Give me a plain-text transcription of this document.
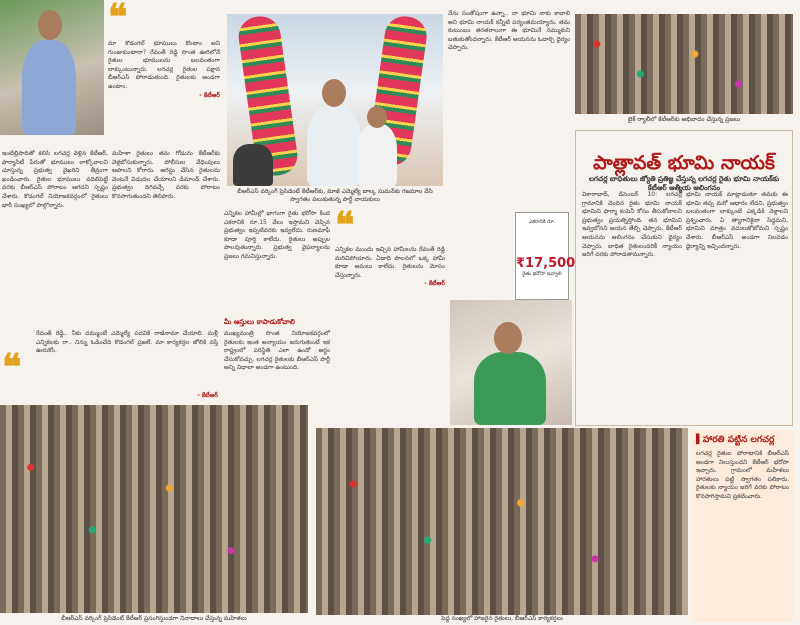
❝
మా కొడంగల్ భూములు కొంటాం అని గుంజుకుంటారా? రేవంత్ రెడ్డి సొంత ఊరిలోనే రైతుల భూములను బలవంతంగా లాక్కుంటున్నారు. లగచర్ల రైతుల పక్షాన బీఆర్ఎస్ పోరాడుతుంది. రైతులకు అండగా ఉంటాం.
- కేటీఆర్
బీఆర్ఎస్ వర్కింగ్ ప్రెసిడెంట్ కేటీఆర్‌కు, మాజీ ఎమ్మెల్యే బాల్క సుమన్‌కు గజమాల వేసి స్వాగతం పలుకుతున్న పార్టీ నాయకులు
ఇంటిల్లిపాదితో కలిసి లగచర్ల వెళ్లిన కేటీఆర్, ఫార్మాసిటీ పేరుతో భూములు లాక్కోవాలని చూస్తున్న ప్రభుత్వ వైఖరిని తీవ్రంగా ఖండించారు. రైతుల భూములు వదిలిపెట్టే వరకు బీఆర్ఎస్ పోరాటం ఆగదని స్పష్టం చేశారు. కొడంగల్ నియోజకవర్గంలో రైతులు భారీ సంఖ్యలో పాల్గొన్నారు.
మహిళా రైతులు తమ గోడును కేటీఆర్‌కు వెళ్లబోసుకున్నారు. పోలీసుల వేధింపులు ఆపాలని కోరారు. అరెస్టు చేసిన రైతులను వెంటనే విడుదల చేయాలని డిమాండ్ చేశారు. ప్రభుత్వం దిగివచ్చే వరకు పోరాటం కొనసాగుతుందని తెలిపారు.
ఎన్నికల హామీల్లో భాగంగా రైతు భరోసా కింద ఎకరానికి రూ.15 వేలు ఇస్తామని చెప్పిన ప్రభుత్వం ఇప్పటివరకు ఇవ్వలేదు. రుణమాఫీ కూడా పూర్తి కాలేదు. రైతులు అప్పుల పాలవుతున్నారు. ప్రభుత్వ వైఫల్యాలను ప్రజలు గమనిస్తున్నారు.
మీ ఆస్తులు కాపాడుకోవాలి
ముఖ్యమంత్రి సొంత నియోజకవర్గంలో రైతులకు ఇంత అన్యాయం జరుగుతుంటే ఇక రాష్ట్రంలో పరిస్థితి ఎలా ఉందో అర్థం చేసుకోవచ్చు. లగచర్ల రైతులకు బీఆర్ఎస్ పార్టీ అన్ని విధాలా అండగా ఉంటుంది.
❝
ఎన్నికల ముందు ఇచ్చిన హామీలను రేవంత్ రెడ్డి మరిచిపోయారు. ఏడాది పాలనలో ఒక్క హామీ కూడా అమలు కాలేదు. రైతులను మోసం చేస్తున్నారు.
- కేటీఆర్
నేను సంతోషంగా ఉన్నా.. నా భూమి నాకు కావాలి అని భూమి నాయక్ కన్నీటి పర్యంతమయ్యారు. తమ కుటుంబం తరతరాలుగా ఈ భూమినే నమ్ముకుని బతుకుతోందన్నారు. కేటీఆర్ ఆయనను ఓదార్చి ధైర్యం చెప్పారు.
బైక్ ర్యాలీలో కేటీఆర్‌కు అభివాదం చేస్తున్న ప్రజలు
పాత్లావత్ భూమి నాయక్
లగచర్ల బాధితులు జ్యోతి ప్రతిజ్ఞ చేస్తున్న లగచర్ల రైతు భూమి నాయక్‌కు కేటీఆర్ ఆత్మీయ ఆలింగనం
వికారాబాద్, డిసెంబర్ 10: లగచర్ల గ్రామానికి చెందిన రైతు భూమి నాయక్ భూమిని ఫార్మా కంపెనీ కోసం తీసుకోవాలని ప్రభుత్వం ప్రయత్నిస్తోంది. తన భూమిని ఇవ్వబోనని ఆయన తేల్చి చెప్పారు. కేటీఆర్ ఆయనను ఆలింగనం చేసుకుని ధైర్యం చెప్పారు. బాధిత రైతులందరికీ న్యాయం జరిగే వరకు పోరాడతామన్నారు.
భూమి నాయక్ మాట్లాడుతూ తమకు ఈ భూమి తప్ప మరో ఆధారం లేదని, ప్రభుత్వం బలవంతంగా లాక్కుంటే ఎక్కడికి వెళ్లాలని ప్రశ్నించారు. ఏ త్యాగానికైనా సిద్ధమని, భూమిని మాత్రం వదులుకోబోమని స్పష్టం చేశారు. బీఆర్ఎస్ అండగా నిలవడం ధైర్యాన్ని ఇచ్చిందన్నారు.
ఎకరానికి రూ.
₹17,500
రైతు భరోసా ఇవ్వాలి
❝
రేవంత్ రెడ్డి.. నీకు దమ్ముంటే ఎమ్మెల్యే పదవికి రాజీనామా చేయాలి. మళ్లీ ఎన్నికలకు రా.. నిన్ను ఓడించేది కొడంగల్ ప్రజలే. మా కార్యకర్తల జోలికి వస్తే ఊరుకోం.
- కేటీఆర్
బీఆర్ఎస్ వర్కింగ్ ప్రెసిడెంట్ కేటీఆర్ ప్రసంగిస్తుండగా నినాదాలు చేస్తున్న మహిళలు	పెద్ద సంఖ్యలో హాజరైన రైతులు, బీఆర్ఎస్ కార్యకర్తలు
▌హారతి పట్టిన లగచర్ల
లగచర్ల రైతుల పోరాటానికి బీఆర్ఎస్ అండగా నిలుస్తుందని కేటీఆర్ భరోసా ఇచ్చారు. గ్రామంలో మహిళలు హారతులు పట్టి స్వాగతం పలికారు. రైతులకు న్యాయం జరిగే వరకు పోరాటం కొనసాగిస్తామని ప్రకటించారు.
